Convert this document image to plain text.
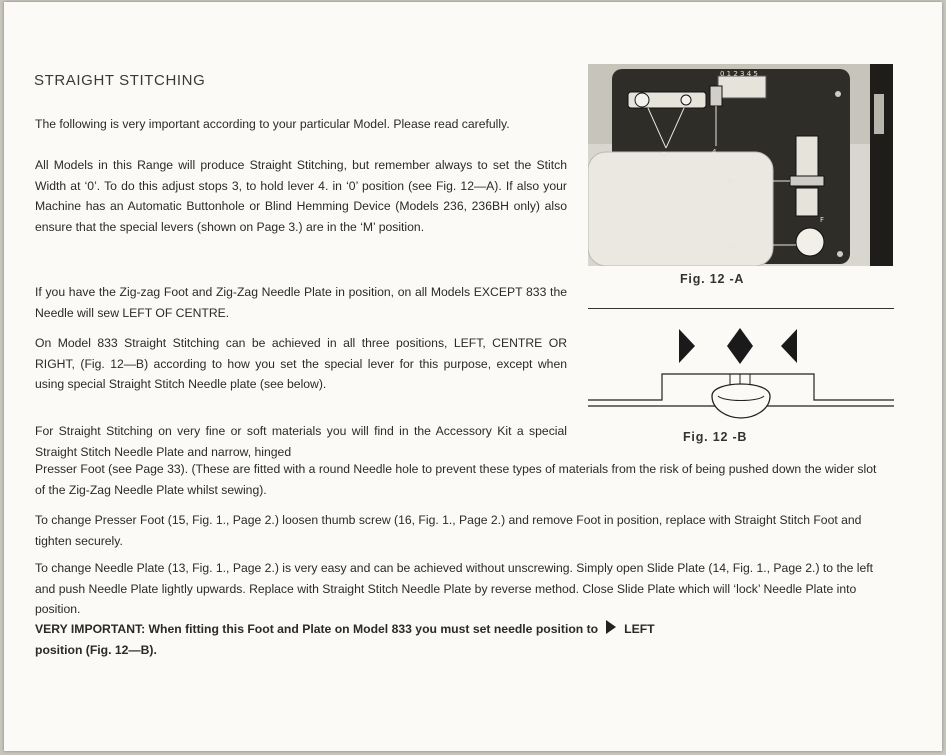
STRAIGHT STITCHING

The following is very important according to your particular Model. Please read carefully.

All Models in this Range will produce Straight Stitching, but remember always to set the Stitch Width at ‘0’. To do this adjust stops 3, to hold lever 4. in ‘0’ position (see Fig. 12—A). If also your Machine has an Automatic Buttonhole or Blind Hemming Device (Models 236, 236BH only) also ensure that the special levers (shown on Page 3.) are in the ‘M’ position.

If you have the Zig-zag Foot and Zig-Zag Needle Plate in position, on all Models EXCEPT 833 the Needle will sew LEFT OF CENTRE.

On Model 833 Straight Stitching can be achieved in all three positions, LEFT, CENTRE OR RIGHT, (Fig. 12—B) according to how you set the special lever for this purpose, except when using special Straight Stitch Needle plate (see below).

For Straight Stitching on very fine or soft materials you will find in the Accessory Kit a special Straight Stitch Needle Plate and narrow, hinged

Presser Foot (see Page 33). (These are fitted with a round Needle hole to prevent these types of materials from the risk of being pushed down the wider slot of the Zig-Zag Needle Plate whilst sewing).

To change Presser Foot (15, Fig. 1., Page 2.) loosen thumb screw (16, Fig. 1., Page 2.) and remove Foot in position, replace with Straight Stitch Foot and tighten securely.

To change Needle Plate (13, Fig. 1., Page 2.) is very easy and can be achieved without unscrewing. Simply open Slide Plate (14, Fig. 1., Page 2.) to the left and push Needle Plate lightly upwards. Replace with Straight Stitch Needle Plate by reverse method. Close Slide Plate which will ‘lock’ Needle Plate into position.

VERY IMPORTANT: When fitting this Foot and Plate on Model 833 you must set needle position to LEFT
position (Fig. 12—B).

0 1 2 3 4 5
3	4
9
10
F
Fig. 12 -A
Fig. 12 -B
